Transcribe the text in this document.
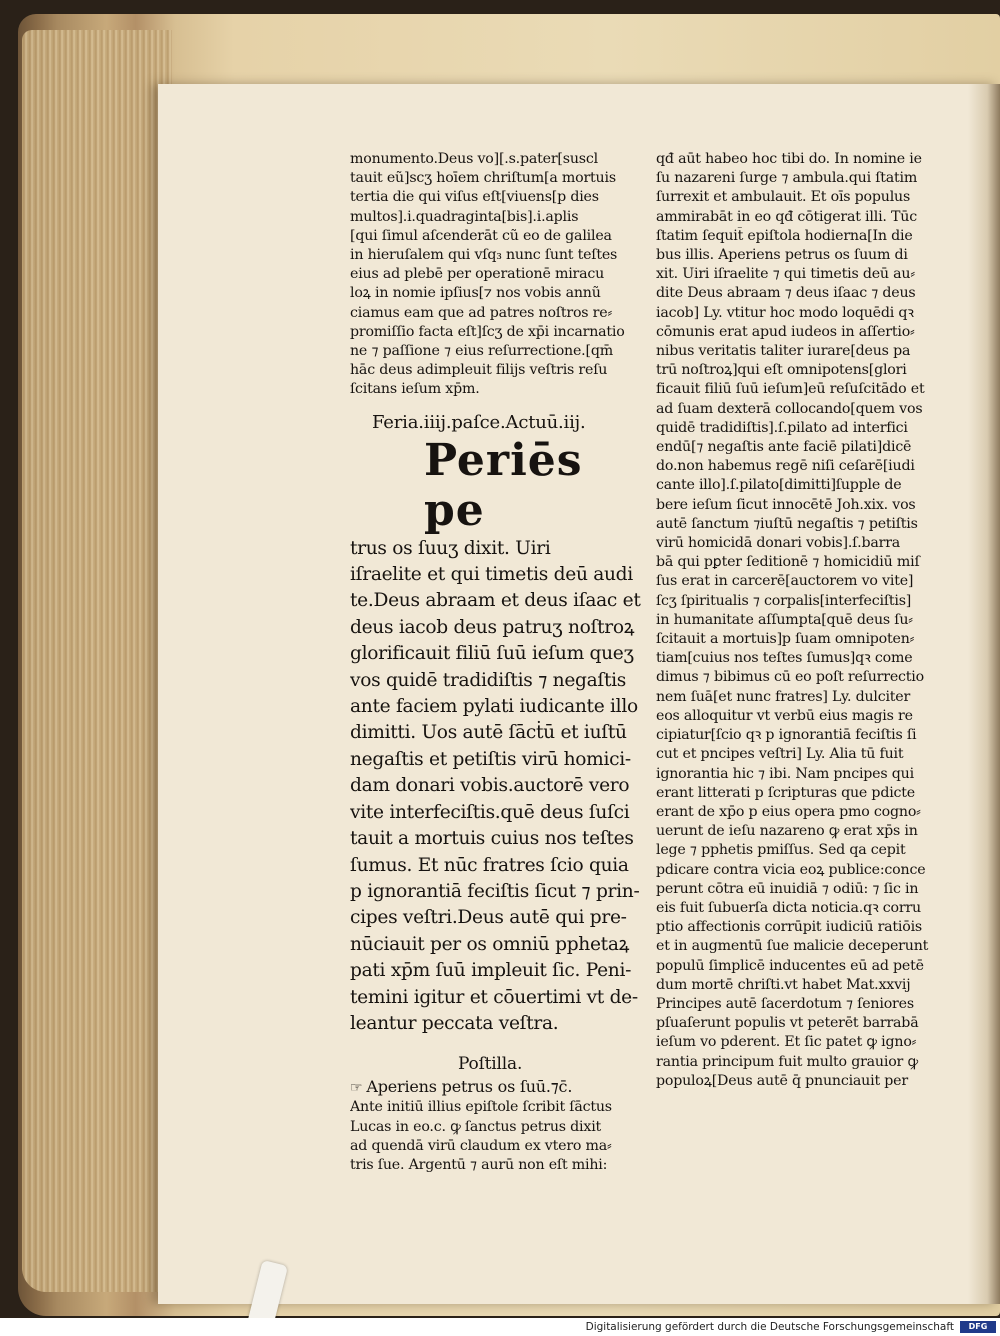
monumento.Deus vo][.s.pater[suscl
tauit eũ]scʒ hoīem chriſtum[a mortuis
tertia die qui viſus eſt[viuens[p dies
multos].i.quadraginta[bis].i.aplis
[qui ſimul aſcenderāt cũ eo de galilea
in hieruſalem qui vſq₃ nunc ſunt teſtes
eius ad plebē per operationē miracu
loꝝ in nomie ipſius[⁊ nos vobis annũ
ciamus eam que ad patres noſtros re⸗
promiſſio facta eſt]ſcʒ de xp̄i incarnatio
ne ⁊ paſſione ⁊ eius reſurrectione.[qm̄
hāc deus adimpleuit filijs veſtris reſu
ſcitans ieſum xp̄m.
Feria.iiij.paſce.Actuū.iij.
Periēs pe
trus os ſuuʒ dixit. Uiri
iſraelite et qui timetis deū audi
te.Deus abraam et deus iſaac et
deus iacob deus patruʒ noſtroꝝ
glorificauit filiū ſuū ieſum queʒ
vos quidē tradidiſtis ⁊ negaſtis
ante faciem pylati iudicante illo
dimitti. Uos autē ſācṫū et iuſtū
negaſtis et petiſtis virū homici-
dam donari vobis.auctorē vero
vite interfeciſtis.quē deus ſuſci
tauit a mortuis cuius nos teſtes
ſumus. Et nūc fratres ſcio quia
p ignorantiā feciſtis ſicut ⁊ prin-
cipes veſtri.Deus autē qui pre-
nūciauit per os omniū pphetaꝝ
pati xp̄m ſuū impleuit ſic. Peni-
temini igitur et cōuertimi vt de-
leantur peccata veſtra.
Poſtilla.
☞ Aperiens petrus os ſuū.⁊c̄.
Ante initiū illius epiſtole ſcribit ſāctus
Lucas in eo.c. ꝙ ſanctus petrus dixit
ad quendā virū claudum ex vtero ma⸗
tris ſue. Argentū ⁊ aurū non eſt mihi:
qđ aūt habeo hoc tibi do. In nomine ie
ſu nazareni ſurge ⁊ ambula.qui ſtatim
ſurrexit et ambulauit. Et oīs populus
ammirabāt in eo qđ cōtigerat illi. Tūc
ſtatim ſequit̄ epiſtola hodierna[In die
bus illis. Aperiens petrus os ſuum di
xit. Uiri iſraelite ⁊ qui timetis deū au⸗
dite Deus abraam ⁊ deus iſaac ⁊ deus
iacob] Ly. vtitur hoc modo loquēdi qꝛ
cōmunis erat apud iudeos in aſſertio⸗
nibus veritatis taliter iurare[deus pa
trū noſtroꝝ]qui eſt omnipotens[glori
ficauit filiū ſuū ieſum]eū reſuſcitādo et
ad ſuam dexterā collocando[quem vos
quidē tradidiſtis].ſ.pilato ad interfici
endū[⁊ negaſtis ante faciē pilati]dicē
do.non habemus regē niſi ceſarē[iudi
cante illo].ſ.pilato[dimitti]ſupple de
bere ieſum ſicut innocētē Joh.xix. vos
autē ſanctum ⁊iuſtū negaſtis ⁊ petiſtis
virū homicidā donari vobis].ſ.barra
bā qui pꝑter ſeditionē ⁊ homicidiū miſ
ſus erat in carcerē[auctorem vo vite]
ſcʒ ſpiritualis ⁊ corpalis[interfeciſtis]
in humanitate aſſumpta[quē deus ſu⸗
ſcitauit a mortuis]p ſuam omnipoten⸗
tiam[cuius nos teſtes ſumus]qꝛ come
dimus ⁊ bibimus cū eo poſt reſurrectio
nem ſuā[et nunc fratres] Ly. dulciter
eos alloquitur vt verbū eius magis re
cipiatur[ſcio qꝛ p ignorantiā feciſtis ſi
cut et pncipes veſtri] Ly. Alia tū fuit
ignorantia hic ⁊ ibi. Nam pncipes qui
erant litterati p ſcripturas que pdicte
erant de xp̄o p eius opera pmo cogno⸗
uerunt de ieſu nazareno ꝙ erat xp̄s in
lege ⁊ pphetis pmiſſus. Sed qa cepit
pdicare contra vicia eoꝝ publice:conce
perunt cōtra eū inuidiā ⁊ odiū: ⁊ ſic in
eis fuit ſubuerſa dicta noticia.qꝛ corru
ptio affectionis corrūpit iudiciū ratiōis
et in augmentū ſue malicie deceperunt
populū ſimplicē inducentes eū ad petē
dum mortē chriſti.vt habet Mat.xxvij
Principes autē ſacerdotum ⁊ ſeniores
pſuaſerunt populis vt peterēt barrabā
ieſum vo pderent. Et ſic patet ꝙ igno⸗
rantia principum fuit multo grauior ꝙ
populoꝝ[Deus autē q̄ pnunciauit per
Digitalisierung gefördert durch die Deutsche Forschungsgemeinschaft	DFG
